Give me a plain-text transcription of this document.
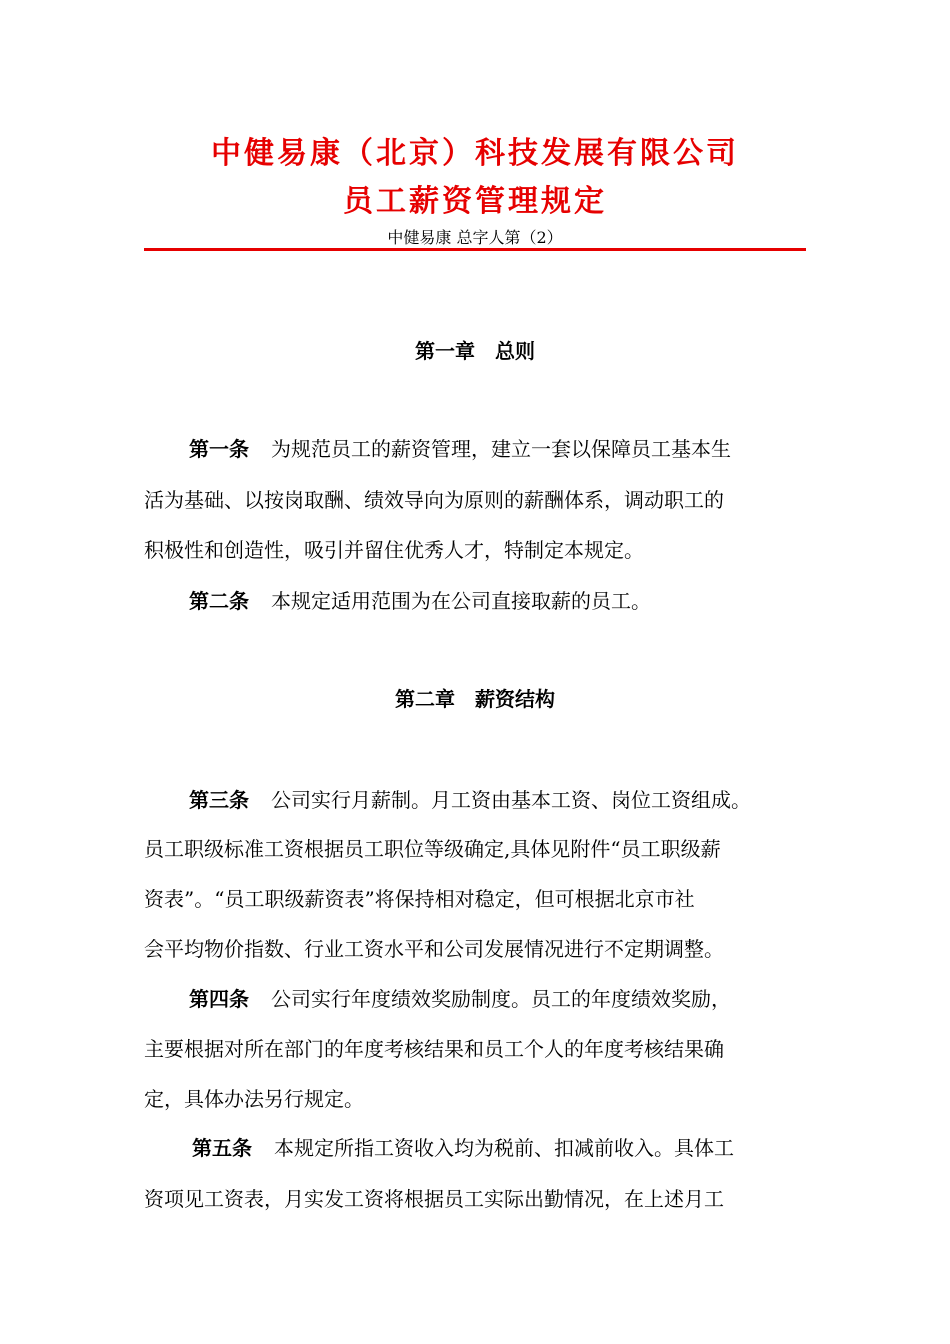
中健易康（北京）科技发展有限公司
员工薪资管理规定
中健易康 总字人第（2）
第一章　总则
第一条 为规范员工的薪资管理，建立一套以保障员工基本生
活为基础、以按岗取酬、绩效导向为原则的薪酬体系，调动职工的
积极性和创造性，吸引并留住优秀人才，特制定本规定。
第二条 本规定适用范围为在公司直接取薪的员工。
第二章　薪资结构
第三条 公司实行月薪制。月工资由基本工资、岗位工资组成。
员工职级标准工资根据员工职位等级确定,具体见附件“员工职级薪
资表”。“员工职级薪资表”将保持相对稳定，但可根据北京市社
会平均物价指数、行业工资水平和公司发展情况进行不定期调整。
第四条 公司实行年度绩效奖励制度。员工的年度绩效奖励，
主要根据对所在部门的年度考核结果和员工个人的年度考核结果确
定，具体办法另行规定。
第五条 本规定所指工资收入均为税前、扣减前收入。具体工
资项见工资表，月实发工资将根据员工实际出勤情况，在上述月工
